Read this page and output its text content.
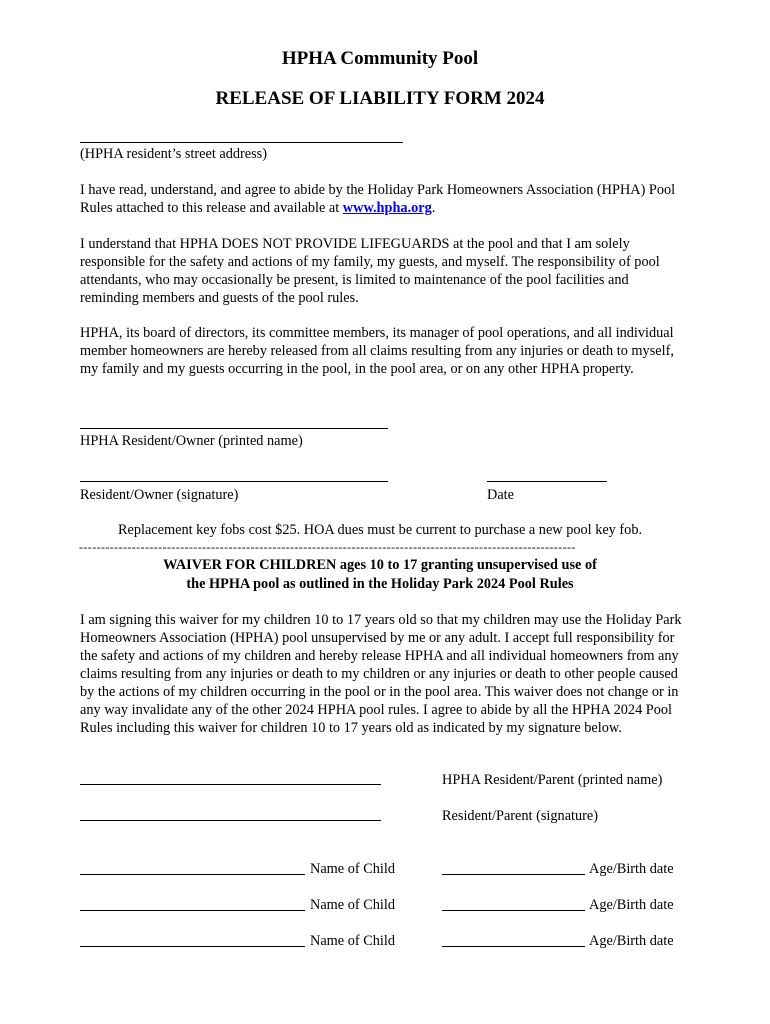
HPHA Community Pool
RELEASE OF LIABILITY FORM 2024

(HPHA resident’s street address)

I have read, understand, and agree to abide by the Holiday Park Homeowners Association (HPHA) Pool Rules attached to this release and available at www.hpha.org.

I understand that HPHA DOES NOT PROVIDE LIFEGUARDS at the pool and that I am solely responsible for the safety and actions of my family, my guests, and myself. The responsibility of pool attendants, who may occasionally be present, is limited to maintenance of the pool facilities and reminding members and guests of the pool rules.

HPHA, its board of directors, its committee members, its manager of pool operations, and all individual member homeowners are hereby released from all claims resulting from any injuries or death to myself, my family and my guests occurring in the pool, in the pool area, or on any other HPHA property.

HPHA Resident/Owner (printed name)

Resident/Owner (signature)	Date

Replacement key fobs cost $25. HOA dues must be current to purchase a new pool key fob.

-----------------------------------------------------------------------------------------------------------------

WAIVER FOR CHILDREN ages 10 to 17 granting unsupervised use of

the HPHA pool as outlined in the Holiday Park 2024 Pool Rules

I am signing this waiver for my children 10 to 17 years old so that my children may use the Holiday Park Homeowners Association (HPHA) pool unsupervised by me or any adult. I accept full responsibility for the safety and actions of my children and hereby release HPHA and all individual homeowners from any claims resulting from any injuries or death to my children or any injuries or death to other people caused by the actions of my children occurring in the pool or in the pool area. This waiver does not change or in any way invalidate any of the other 2024 HPHA pool rules. I agree to abide by all the HPHA 2024 Pool Rules including this waiver for children 10 to 17 years old as indicated by my signature below.

HPHA Resident/Parent (printed name)

Resident/Parent (signature)

Name of Child	Age/Birth date

Name of Child	Age/Birth date

Name of Child	Age/Birth date
